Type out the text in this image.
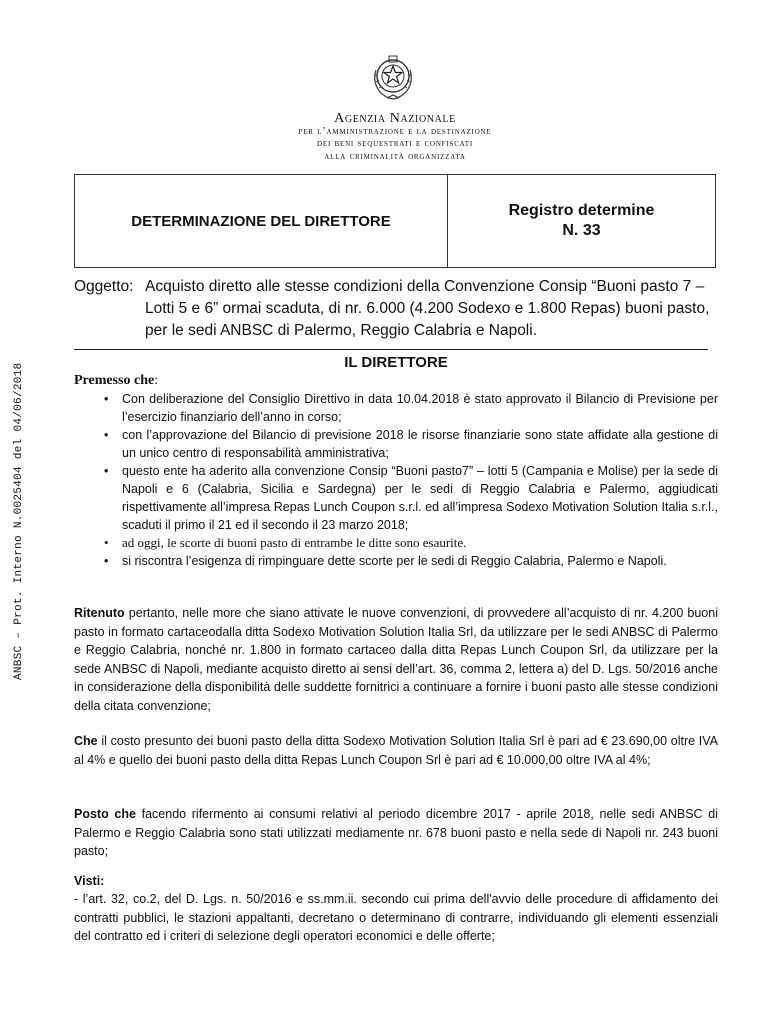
ANBSC – Prot. Interno N.0025404 del 04/06/2018
Agenzia Nazionale
per l’amministrazione e la destinazione
dei beni sequestrati e confiscati
alla criminalità organizzata
DETERMINAZIONE DEL DIRETTORE
Registro determine
N. 33
Oggetto: Acquisto diretto alle stesse condizioni della Convenzione Consip “Buoni pasto 7 – Lotti 5 e 6” ormai scaduta, di nr. 6.000 (4.200 Sodexo e 1.800 Repas) buoni pasto, per le sedi ANBSC di Palermo, Reggio Calabria e Napoli.
IL DIRETTORE
Premesso che:
• Con deliberazione del Consiglio Direttivo in data 10.04.2018 è stato approvato il Bilancio di Previsione per l’esercizio finanziario dell’anno in corso;
• con l’approvazione del Bilancio di previsione 2018 le risorse finanziarie sono state affidate alla gestione di un unico centro di responsabilità amministrativa;
• questo ente ha aderito alla convenzione Consip “Buoni pasto7” – lotti 5 (Campania e Molise) per la sede di Napoli e 6 (Calabria, Sicilia e Sardegna) per le sedi di Reggio Calabria e Palermo, aggiudicati rispettivamente all’impresa Repas Lunch Coupon s.r.l. ed all’impresa Sodexo Motivation Solution Italia s.r.l., scaduti il primo il 21 ed il secondo il 23 marzo 2018;
• ad oggi, le scorte di buoni pasto di entrambe le ditte sono esaurite.
• si riscontra l’esigenza di rimpinguare dette scorte per le sedi di Reggio Calabria, Palermo e Napoli.

Ritenuto pertanto, nelle more che siano attivate le nuove convenzioni, di provvedere all’acquisto di nr. 4.200 buoni pasto in formato cartaceodalla ditta Sodexo Motivation Solution Italia Srl, da utilizzare per le sedi ANBSC di Palermo e Reggio Calabria, nonché nr. 1.800 in formato cartaceo dalla ditta Repas Lunch Coupon Srl, da utilizzare per la sede ANBSC di Napoli, mediante acquisto diretto ai sensi dell’art. 36, comma 2, lettera a) del D. Lgs. 50/2016 anche in considerazione della disponibilità delle suddette fornitrici a continuare a fornire i buoni pasto alle stesse condizioni della citata convenzione;

Che il costo presunto dei buoni pasto della ditta Sodexo Motivation Solution Italia Srl è pari ad € 23.690,00 oltre IVA al 4% e quello dei buoni pasto della ditta Repas Lunch Coupon Srl è pari ad € 10.000,00 oltre IVA al 4%;

Posto che facendo rifermento ai consumi relativi al periodo dicembre 2017 - aprile 2018, nelle sedi ANBSC di Palermo e Reggio Calabria sono stati utilizzati mediamente nr. 678 buoni pasto e nella sede di Napoli nr. 243 buoni pasto;

Visti:

- l’art. 32, co.2, del D. Lgs. n. 50/2016 e ss.mm.ii. secondo cui prima dell'avvio delle procedure di affidamento dei contratti pubblici, le stazioni appaltanti, decretano o determinano di contrarre, individuando gli elementi essenziali del contratto ed i criteri di selezione degli operatori economici e delle offerte;
